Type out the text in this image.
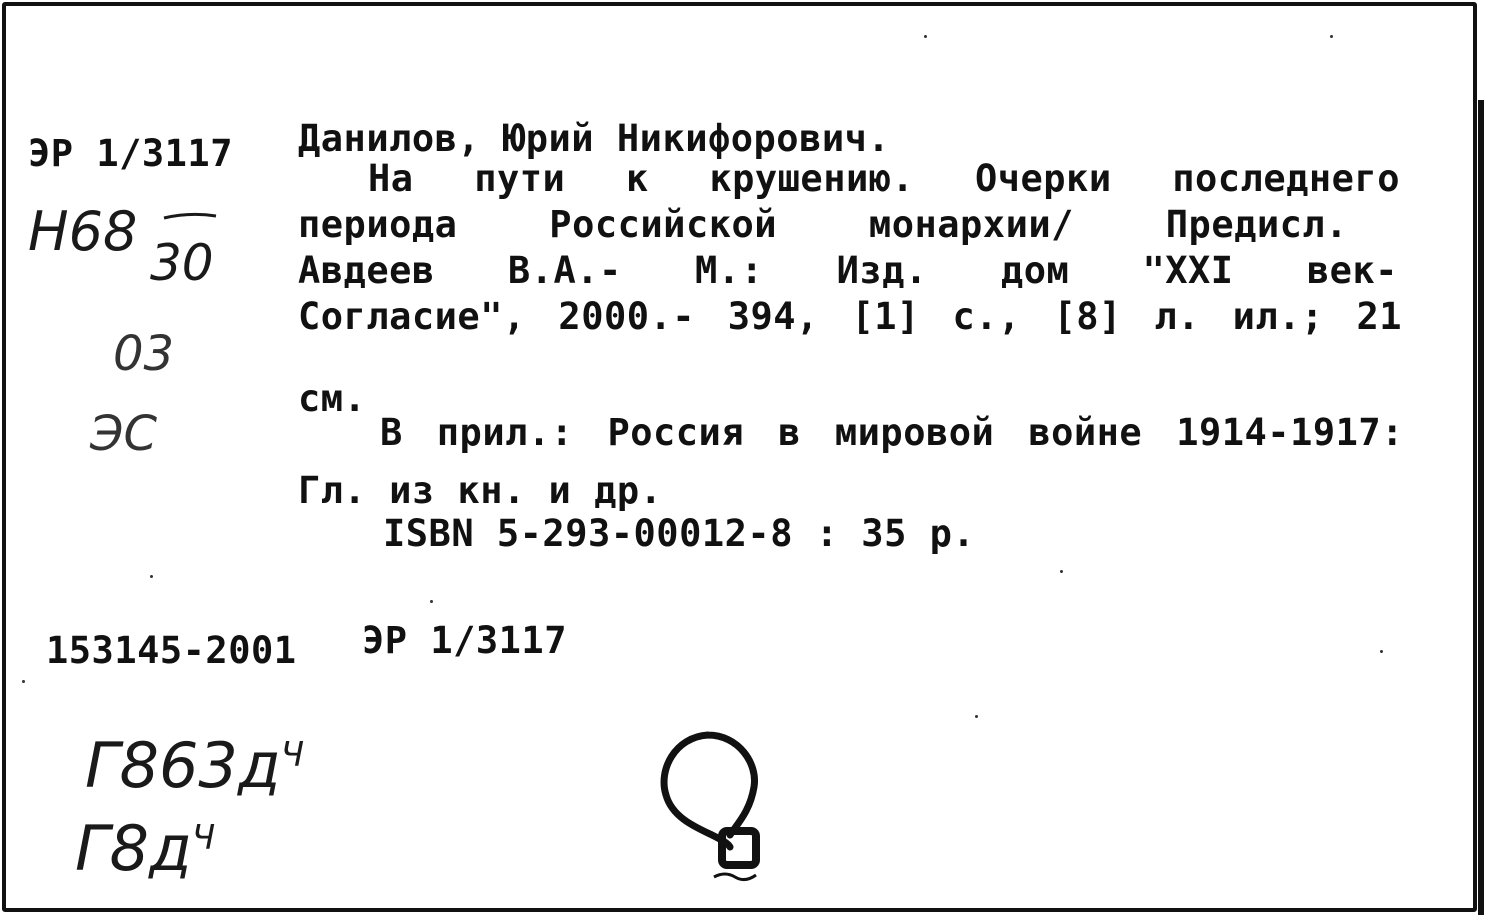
ЭР 1/3117 Данилов, Юрий Никифорович.
На пути к крушению. Очерки последнего
периода Российской монархии/ Предисл.
Авдеев В.А.- М.: Изд. дом "XXI век-
Согласие", 2000.- 394, [1] с., [8] л. ил.; 21
см.
В прил.: Россия в мировой войне 1914-1917:
Гл. из кн. и др.
ISBN 5-293-00012-8 : 35 р.
153145-2001 ЭР 1/3117
Н68 30
03
ЭС
$Г863д^Ч$
$Г8д^Ч$
